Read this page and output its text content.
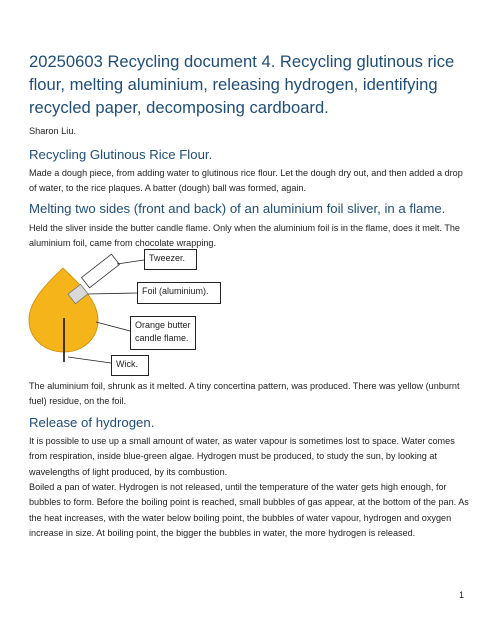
20250603 Recycling document 4. Recycling glutinous rice flour, melting aluminium, releasing hydrogen, identifying recycled paper, decomposing cardboard.
Sharon Liu.
Recycling Glutinous Rice Flour.

Made a dough piece, from adding water to glutinous rice flour. Let the dough dry out, and then added a drop of water, to the rice plaques. A batter (dough) ball was formed, again.

Melting two sides (front and back) of an aluminium foil sliver, in a flame.

Held the sliver inside the butter candle flame. Only when the aluminium foil is in the flame, does it melt. The aluminium foil, came from chocolate wrapping.

Tweezer.
Foil (aluminium).
Orange butter candle flame.
Wick.

The aluminium foil, shrunk as it melted. A tiny concertina pattern, was produced. There was yellow (unburnt fuel) residue, on the foil.

Release of hydrogen.

It is possible to use up a small amount of water, as water vapour is sometimes lost to space. Water comes from respiration, inside blue-green algae. Hydrogen must be produced, to study the sun, by looking at wavelengths of light produced, by its combustion.

Boiled a pan of water. Hydrogen is not released, until the temperature of the water gets high enough, for bubbles to form. Before the boiling point is reached, small bubbles of gas appear, at the bottom of the pan. As the heat increases, with the water below boiling point, the bubbles of water vapour, hydrogen and oxygen increase in size. At boiling point, the bigger the bubbles in water, the more hydrogen is released.

1
